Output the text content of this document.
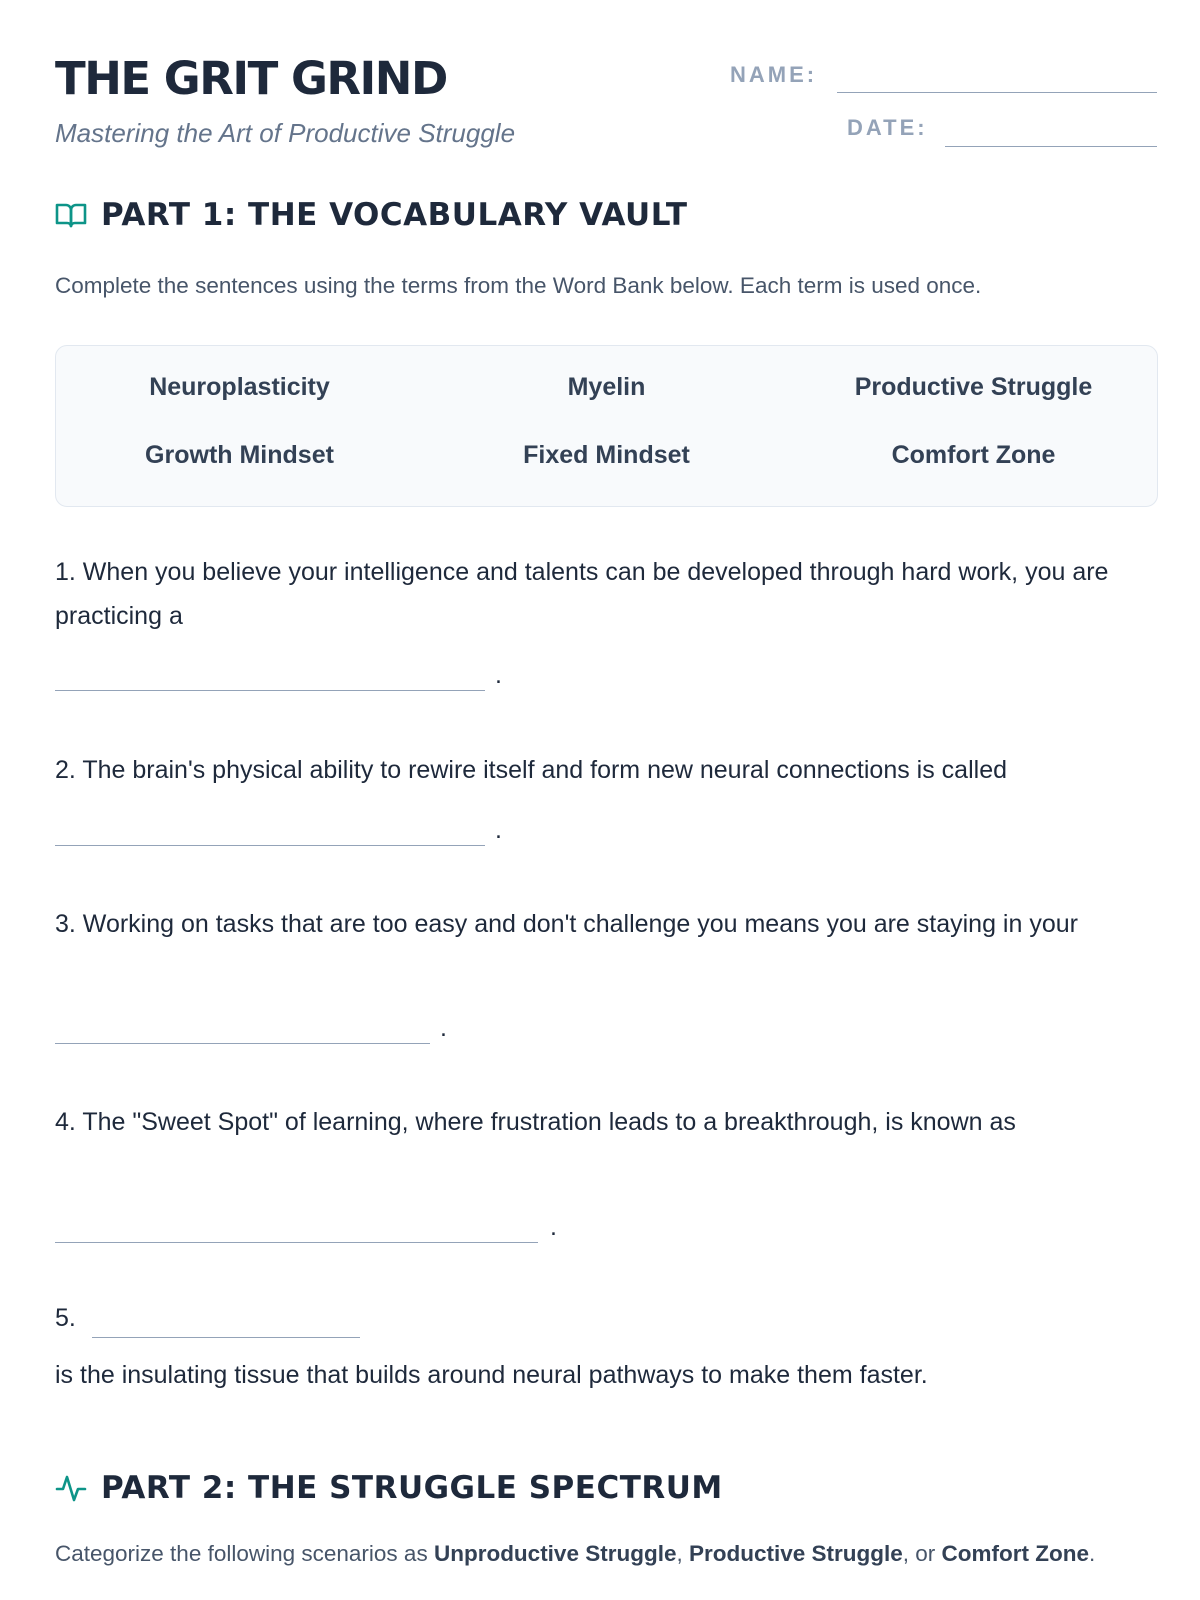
THE GRIT GRIND
Mastering the Art of Productive Struggle
NAME:
DATE:
PART 1: THE VOCABULARY VAULT
Complete the sentences using the terms from the Word Bank below. Each term is used once.
Neuroplasticity	Myelin	Productive Struggle
Growth Mindset	Fixed Mindset	Comfort Zone
1. When you believe your intelligence and talents can be developed through hard work, you are practicing a
.
2. The brain's physical ability to rewire itself and form new neural connections is called
.
3. Working on tasks that are too easy and don't challenge you means you are staying in your
.
4. The "Sweet Spot" of learning, where frustration leads to a breakthrough, is known as
.
5.
is the insulating tissue that builds around neural pathways to make them faster.
PART 2: THE STRUGGLE SPECTRUM
Categorize the following scenarios as Unproductive Struggle, Productive Struggle, or Comfort Zone.
